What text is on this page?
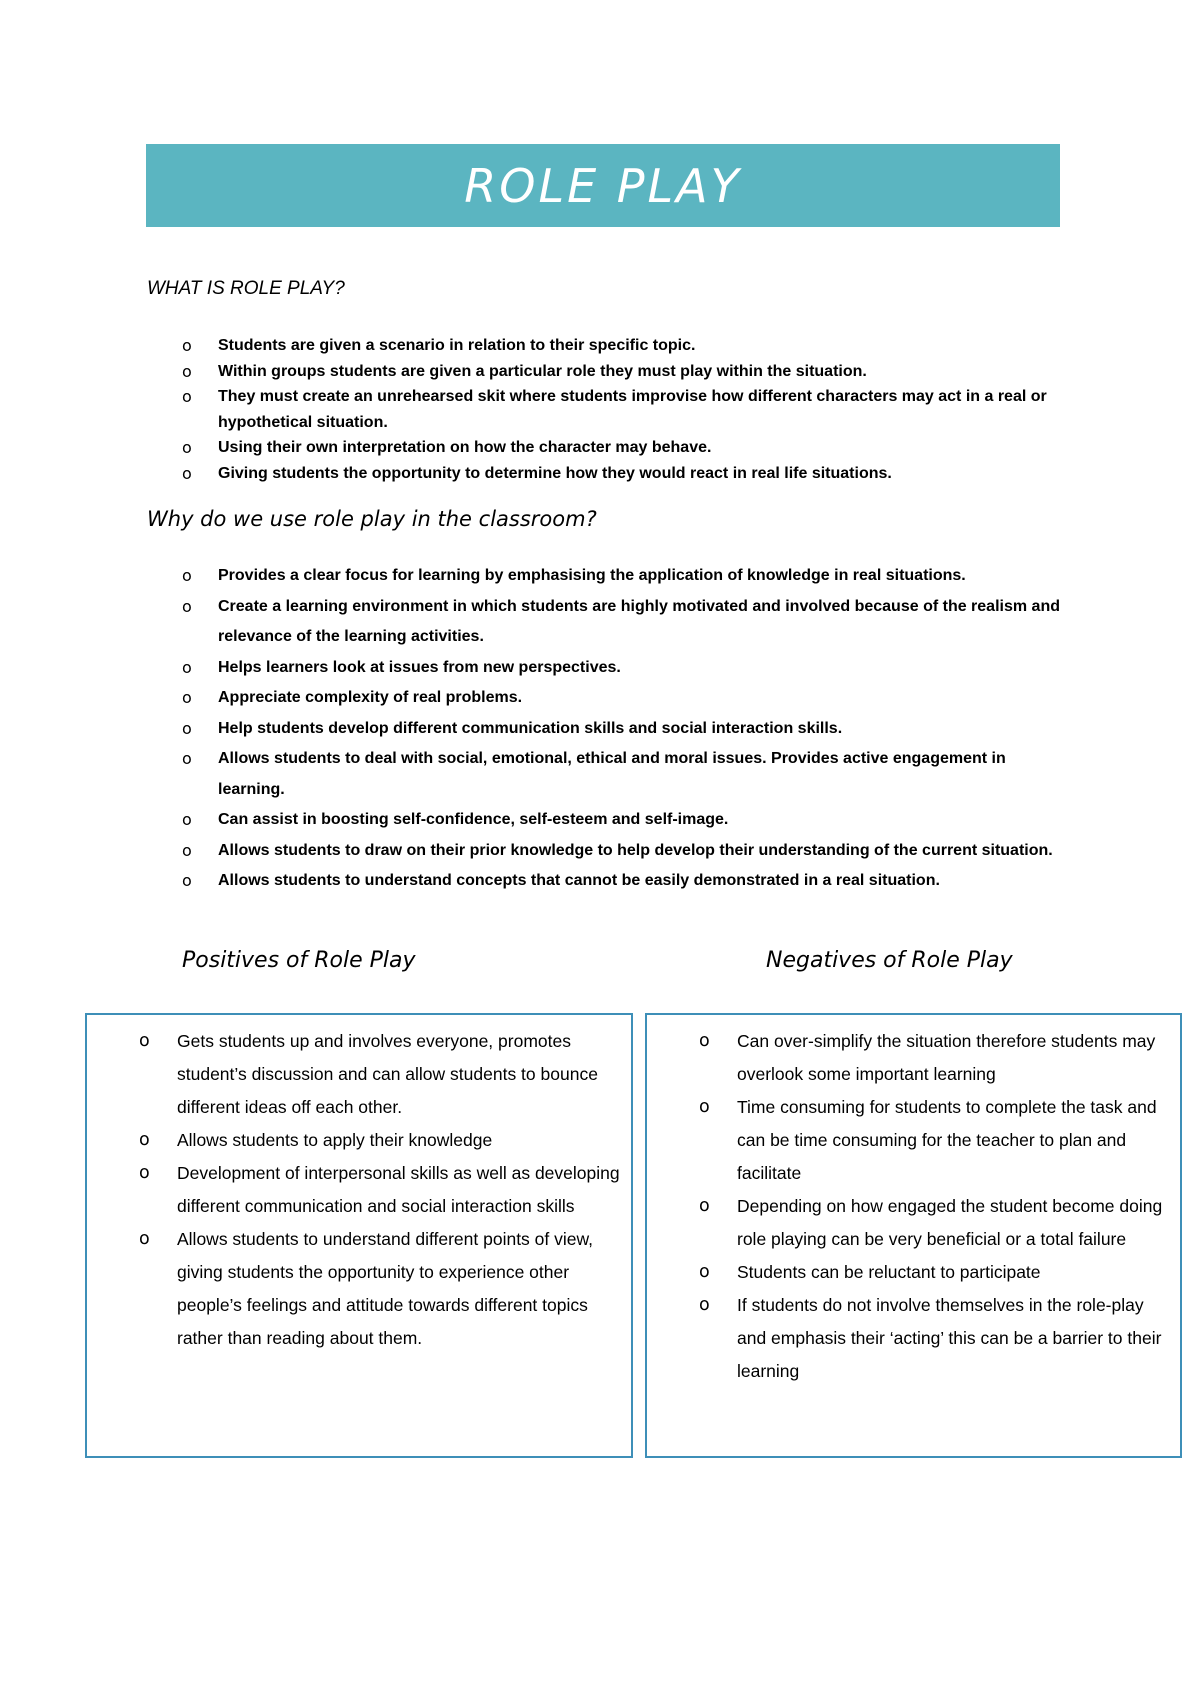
ROLE PLAY
WHAT IS ROLE PLAY?
o Students are given a scenario in relation to their specific topic.
o Within groups students are given a particular role they must play within the situation.
o They must create an unrehearsed skit where students improvise how different characters may act in a real or hypothetical situation.
o Using their own interpretation on how the character may behave.
o Giving students the opportunity to determine how they would react in real life situations.
Why do we use role play in the classroom?
o Provides a clear focus for learning by emphasising the application of knowledge in real situations.
o Create a learning environment in which students are highly motivated and involved because of the realism and relevance of the learning activities.
o Helps learners look at issues from new perspectives.
o Appreciate complexity of real problems.
o Help students develop different communication skills and social interaction skills.
o Allows students to deal with social, emotional, ethical and moral issues. Provides active engagement in learning.
o Can assist in boosting self-confidence, self-esteem and self-image.
o Allows students to draw on their prior knowledge to help develop their understanding of the current situation.
o Allows students to understand concepts that cannot be easily demonstrated in a real situation.
Positives of Role Play	Negatives of Role Play
o Gets students up and involves everyone, promotes student’s discussion and can allow students to bounce different ideas off each other.
o Allows students to apply their knowledge
o Development of interpersonal skills as well as developing different communication and social interaction skills
o Allows students to understand different points of view, giving students the opportunity to experience other people’s feelings and attitude towards different topics rather than reading about them.
o Can over-simplify the situation therefore students may overlook some important learning
o Time consuming for students to complete the task and can be time consuming for the teacher to plan and facilitate
o Depending on how engaged the student become doing role playing can be very beneficial or a total failure
o Students can be reluctant to participate
o If students do not involve themselves in the role-play and emphasis their ‘acting’ this can be a barrier to their learning
